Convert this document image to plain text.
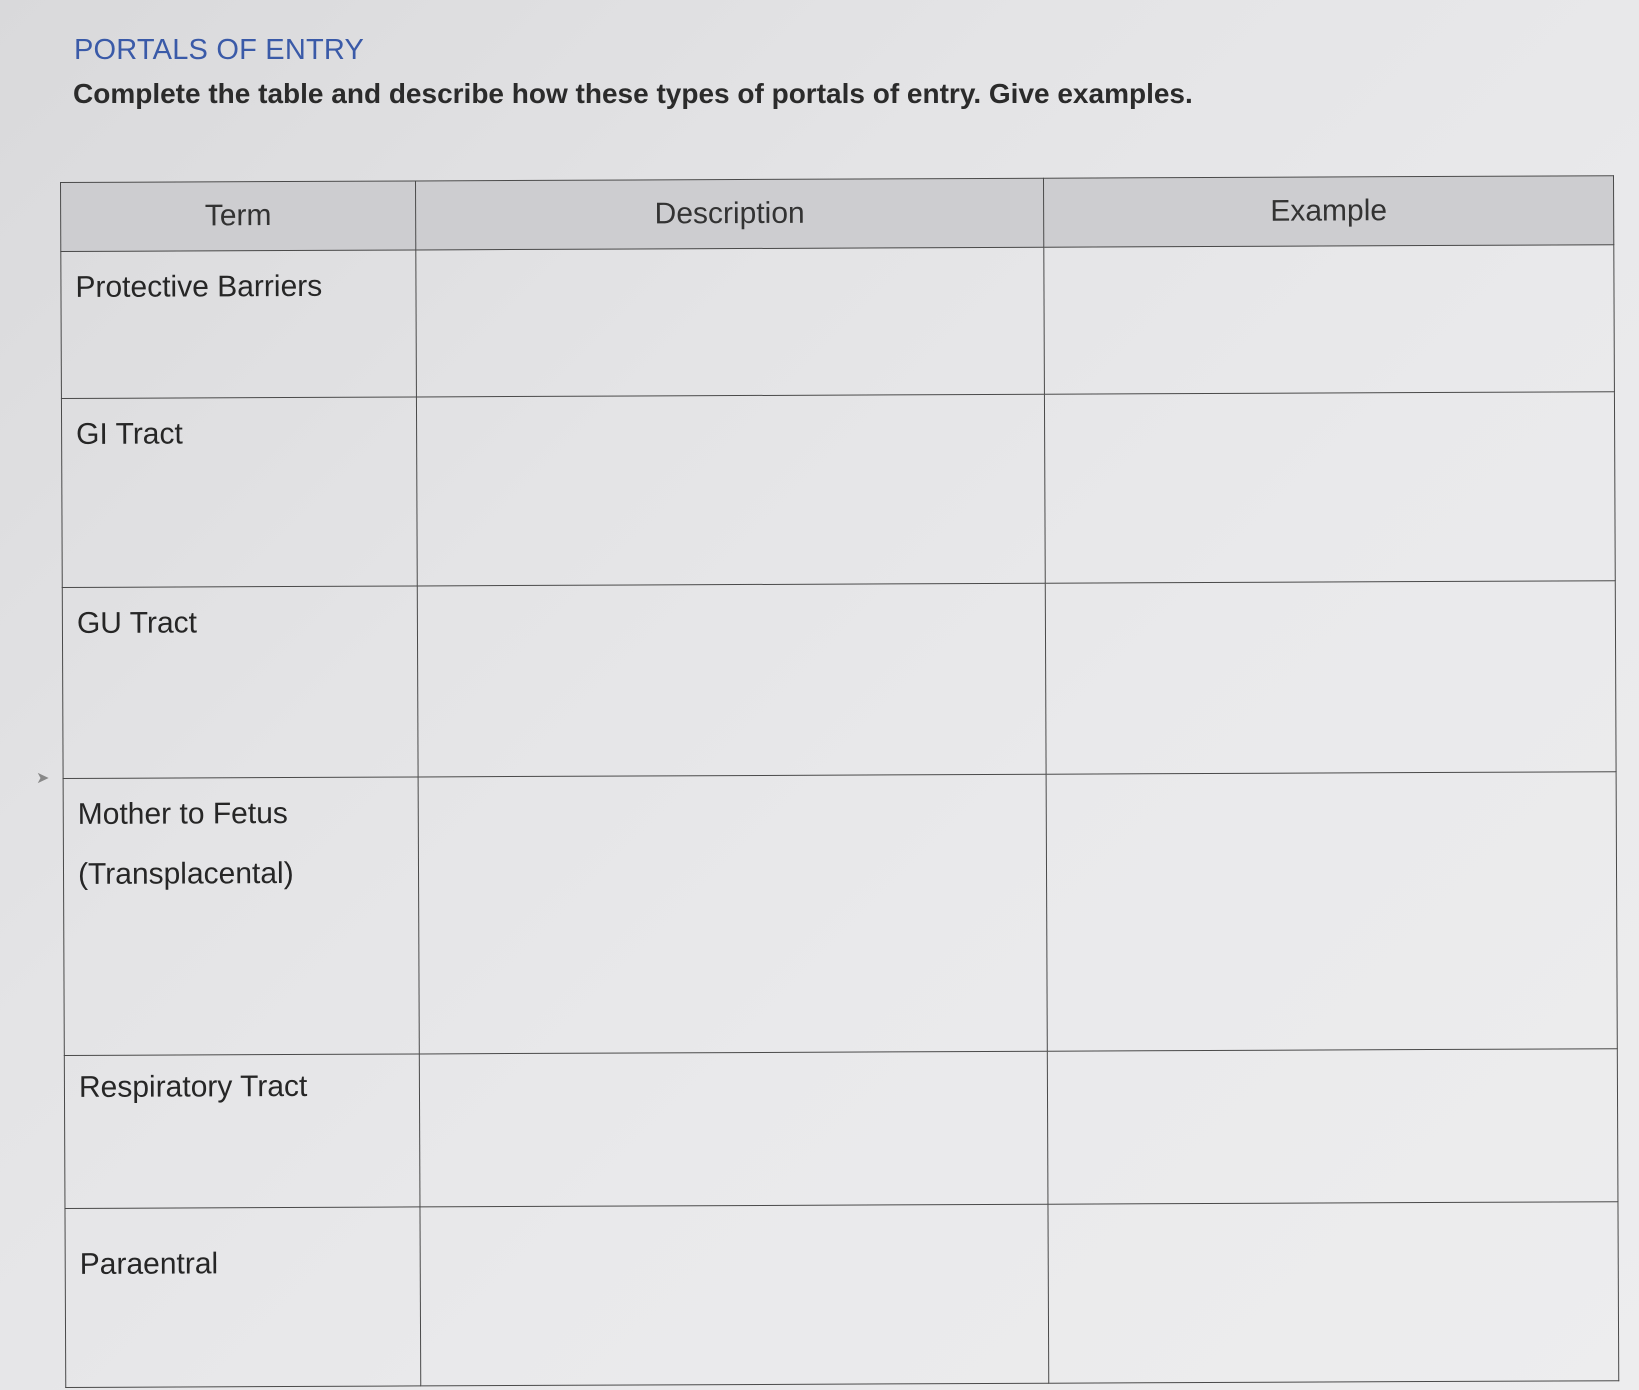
PORTALS OF ENTRY
Complete the table and describe how these types of portals of entry. Give examples.
➤
Term	Description	Example
Protective Barriers		
GI Tract		
GU Tract		
Mother to Fetus
(Transplacental)		

Respiratory Tract		
Paraentral		
